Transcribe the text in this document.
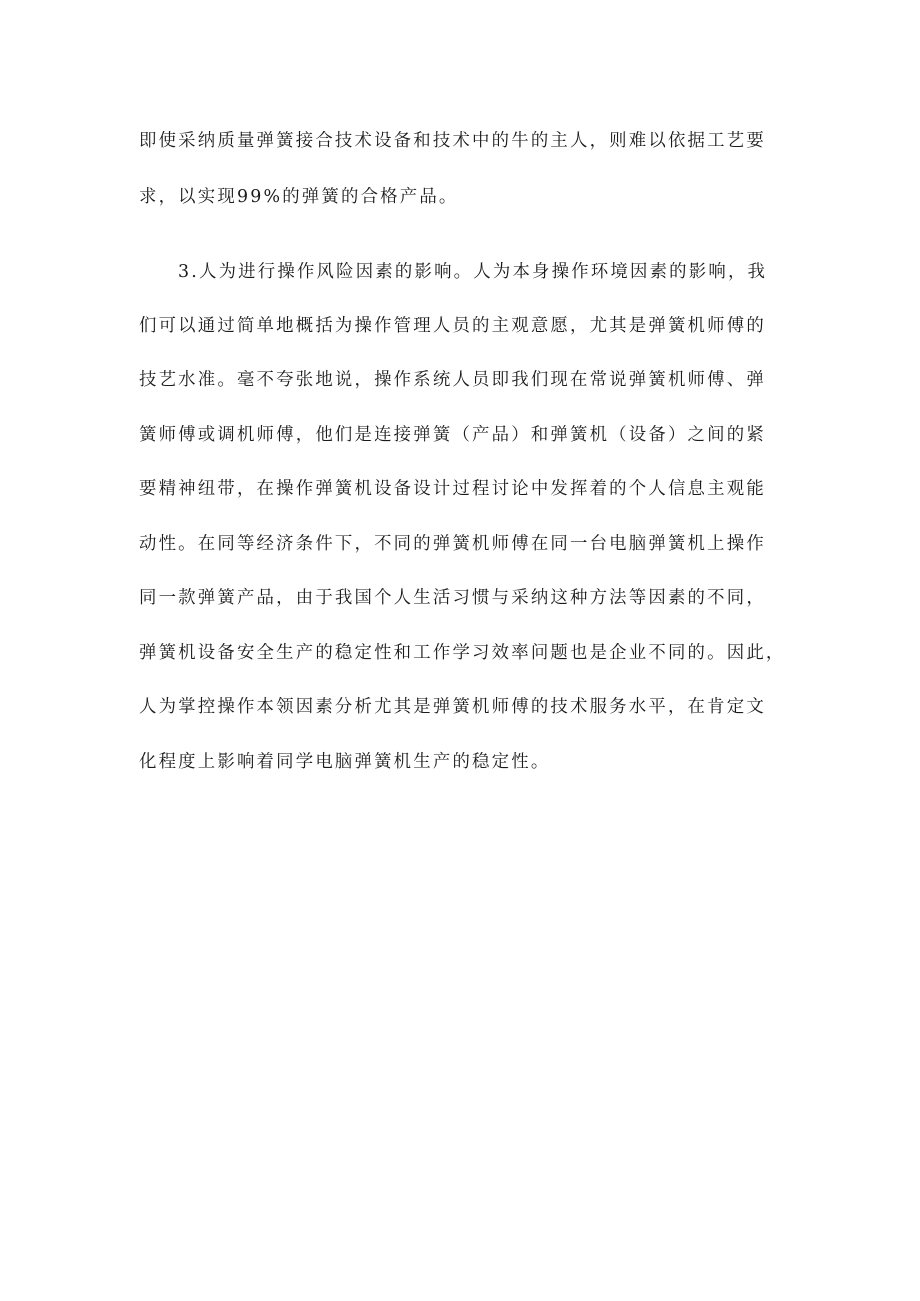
即使采纳质量弹簧接合技术设备和技术中的牛的主人，则难以依据工艺要

求，以实现99%的弹簧的合格产品。

3.人为进行操作风险因素的影响。人为本身操作环境因素的影响，我

们可以通过简单地概括为操作管理人员的主观意愿，尤其是弹簧机师傅的

技艺水准。毫不夸张地说，操作系统人员即我们现在常说弹簧机师傅、弹

簧师傅或调机师傅，他们是连接弹簧（产品）和弹簧机（设备）之间的紧

要精神纽带，在操作弹簧机设备设计过程讨论中发挥着的个人信息主观能

动性。在同等经济条件下，不同的弹簧机师傅在同一台电脑弹簧机上操作

同一款弹簧产品，由于我国个人生活习惯与采纳这种方法等因素的不同，

弹簧机设备安全生产的稳定性和工作学习效率问题也是企业不同的。因此，

人为掌控操作本领因素分析尤其是弹簧机师傅的技术服务水平，在肯定文

化程度上影响着同学电脑弹簧机生产的稳定性。
